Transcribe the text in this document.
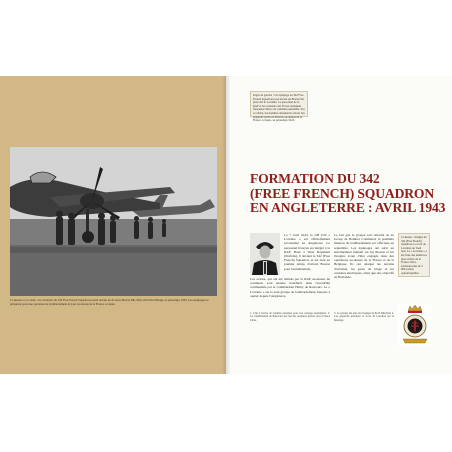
Ci-dessus et ci-contre : les aviateurs du 342 Free French Squadron posent devant un de leurs Boston Mk. IIIA à Hartford Bridge au printemps 1943. Les équipages se préparent pour une opération de bombardement de jour au-dessus de la France occupée.

Pages de gauche : Un équipage du 342 Free French Squadron pose devant un Boston III, plus tard le Lorraine. Le personnel de la RAF et les aviateurs des Forces aériennes françaises libres ont combattu ensemble. Sur ce cliché, les hommes attendent le retour des appareils partis en mission au-dessus de la France occupée, au printemps 1943.

FORMATION DU 342
(FREE FRENCH) SQUADRON
EN ANGLETERRE : AVRIL 1943

Le 7 avril 1943, le GB I/20 « Lorraine » est officiellement reconstitué en Angleterre. Le personnel français est intégré à la RAF. Basé à West Raynham (Norfolk), il devient le 342 (Free French) Squadron, et est doté en premier temps d'avions Boston pour l'entraînement.

Ces avions, qui ont été utilisés par la RAF au-dessus du continent, sont ensuite transférés dans l'escadrille commandée par le commandant Henry de Rancourt. Le « Lorraine » est le seul groupe de bombardement français à opérer depuis l'Angleterre.

Le fait que le groupe soit rattaché au 2e Group de Bomber Command, la première mission de bombardement est effectuée en septembre. Les équipages ont suivi un entraînement intensif sur les Boston et les Douglas avant d'être engagés dans des opérations au-dessus de la France et de la Belgique. Ils ont attaqué les terrains d'aviation, les gares de triage et les centrales électriques, ainsi que des objectifs en Hollande.

1. Cité à l'ordre de l'Armée aérienne pour son courage exemplaire. 2. Le commandant de Rancourt fut l'un des premiers pilotes de la France Libre.

3. Le groupe fut plus tard équipé de B-25 Mitchell. 4. Les appareils portaient la croix de Lorraine sur le fuselage.

Ci-dessus : Insigne du 342 (Free French) Squadron, la croix de Lorraine sur fond noir. Le « Lorraine » a été l'une des unités les plus actives de la France Libre, totalisant plus de 3 000 sorties opérationnelles.
